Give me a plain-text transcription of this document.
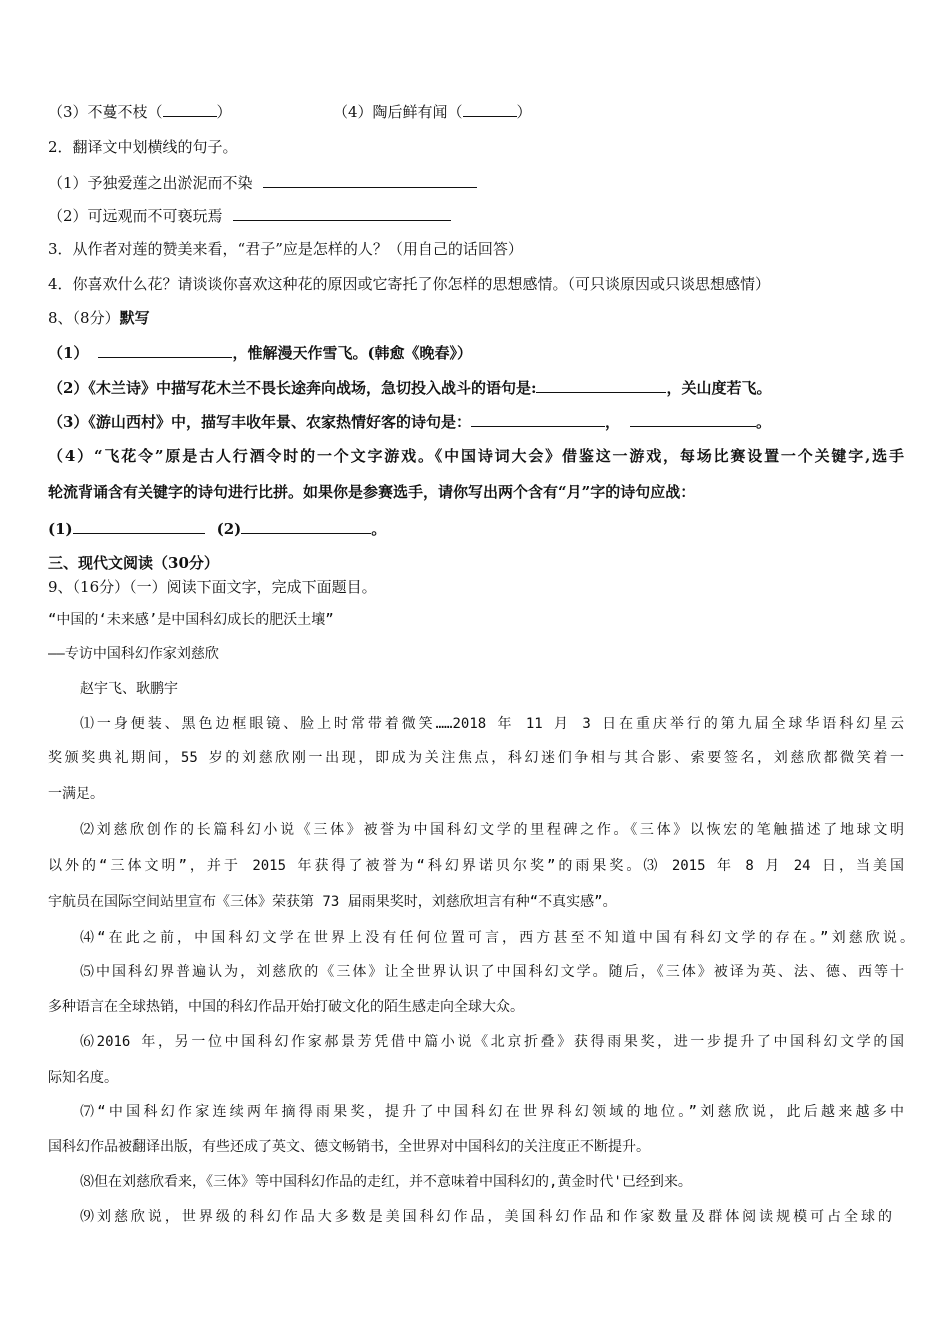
（3）不蔓不枝（	）	（4）陶后鲜有闻（	）
2．翻译文中划横线的句子。
（1）予独爱莲之出淤泥而不染
（2）可远观而不可亵玩焉
3．从作者对莲的赞美来看，“君子”应是怎样的人？（用自己的话回答）
4．你喜欢什么花？请谈谈你喜欢这种花的原因或它寄托了你怎样的思想感情。（可只谈原因或只谈思想感情）
8、（8分）默写
（1）	，惟解漫天作雪飞。(韩愈《晚春》）
（2）《木兰诗》中描写花木兰不畏长途奔向战场，急切投入战斗的语句是:	，关山度若飞。
（3）《游山西村》中，描写丰收年景、农家热情好客的诗句是：	，	。
（4）“飞花令”原是古人行酒令时的一个文字游戏。《中国诗词大会》借鉴这一游戏，每场比赛设置一个关键字,选手
轮流背诵含有关键字的诗句进行比拼。如果你是参赛选手，请你写出两个含有“月”字的诗句应战：
(1)	(2)	。
三、现代文阅读（30分）
9、（16分）（一）阅读下面文字，完成下面题目。
“中国的‘未来感’是中国科幻成长的肥沃土壤”
——专访中国科幻作家刘慈欣
赵宇飞、耿鹏宇
⑴一身便装、黑色边框眼镜、脸上时常带着微笑……2018 年 11 月 3 日在重庆举行的第九届全球华语科幻星云
奖颁奖典礼期间，55 岁的刘慈欣刚一出现，即成为关注焦点，科幻迷们争相与其合影、索要签名，刘慈欣都微笑着一
一满足。
⑵刘慈欣创作的长篇科幻小说《三体》被誉为中国科幻文学的里程碑之作。《三体》以恢宏的笔触描述了地球文明
以外的“三体文明”，并于 2015 年获得了被誉为“科幻界诺贝尔奖”的雨果奖。⑶ 2015 年 8 月 24 日，当美国
宇航员在国际空间站里宣布《三体》荣获第 73 届雨果奖时，刘慈欣坦言有种“不真实感”。
⑷“在此之前，中国科幻文学在世界上没有任何位置可言，西方甚至不知道中国有科幻文学的存在。”刘慈欣说。
⑸中国科幻界普遍认为，刘慈欣的《三体》让全世界认识了中国科幻文学。随后，《三体》被译为英、法、德、西等十
多种语言在全球热销，中国的科幻作品开始打破文化的陌生感走向全球大众。
⑹2016 年，另一位中国科幻作家郝景芳凭借中篇小说《北京折叠》获得雨果奖，进一步提升了中国科幻文学的国
际知名度。
⑺“中国科幻作家连续两年摘得雨果奖，提升了中国科幻在世界科幻领域的地位。”刘慈欣说，此后越来越多中
国科幻作品被翻译出版，有些还成了英文、德文畅销书，全世界对中国科幻的关注度正不断提升。
⑻但在刘慈欣看来，《三体》等中国科幻作品的走红，并不意味着中国科幻的,黄金时代'已经到来。
⑼刘慈欣说，世界级的科幻作品大多数是美国科幻作品，美国科幻作品和作家数量及群体阅读规模可占全球的
